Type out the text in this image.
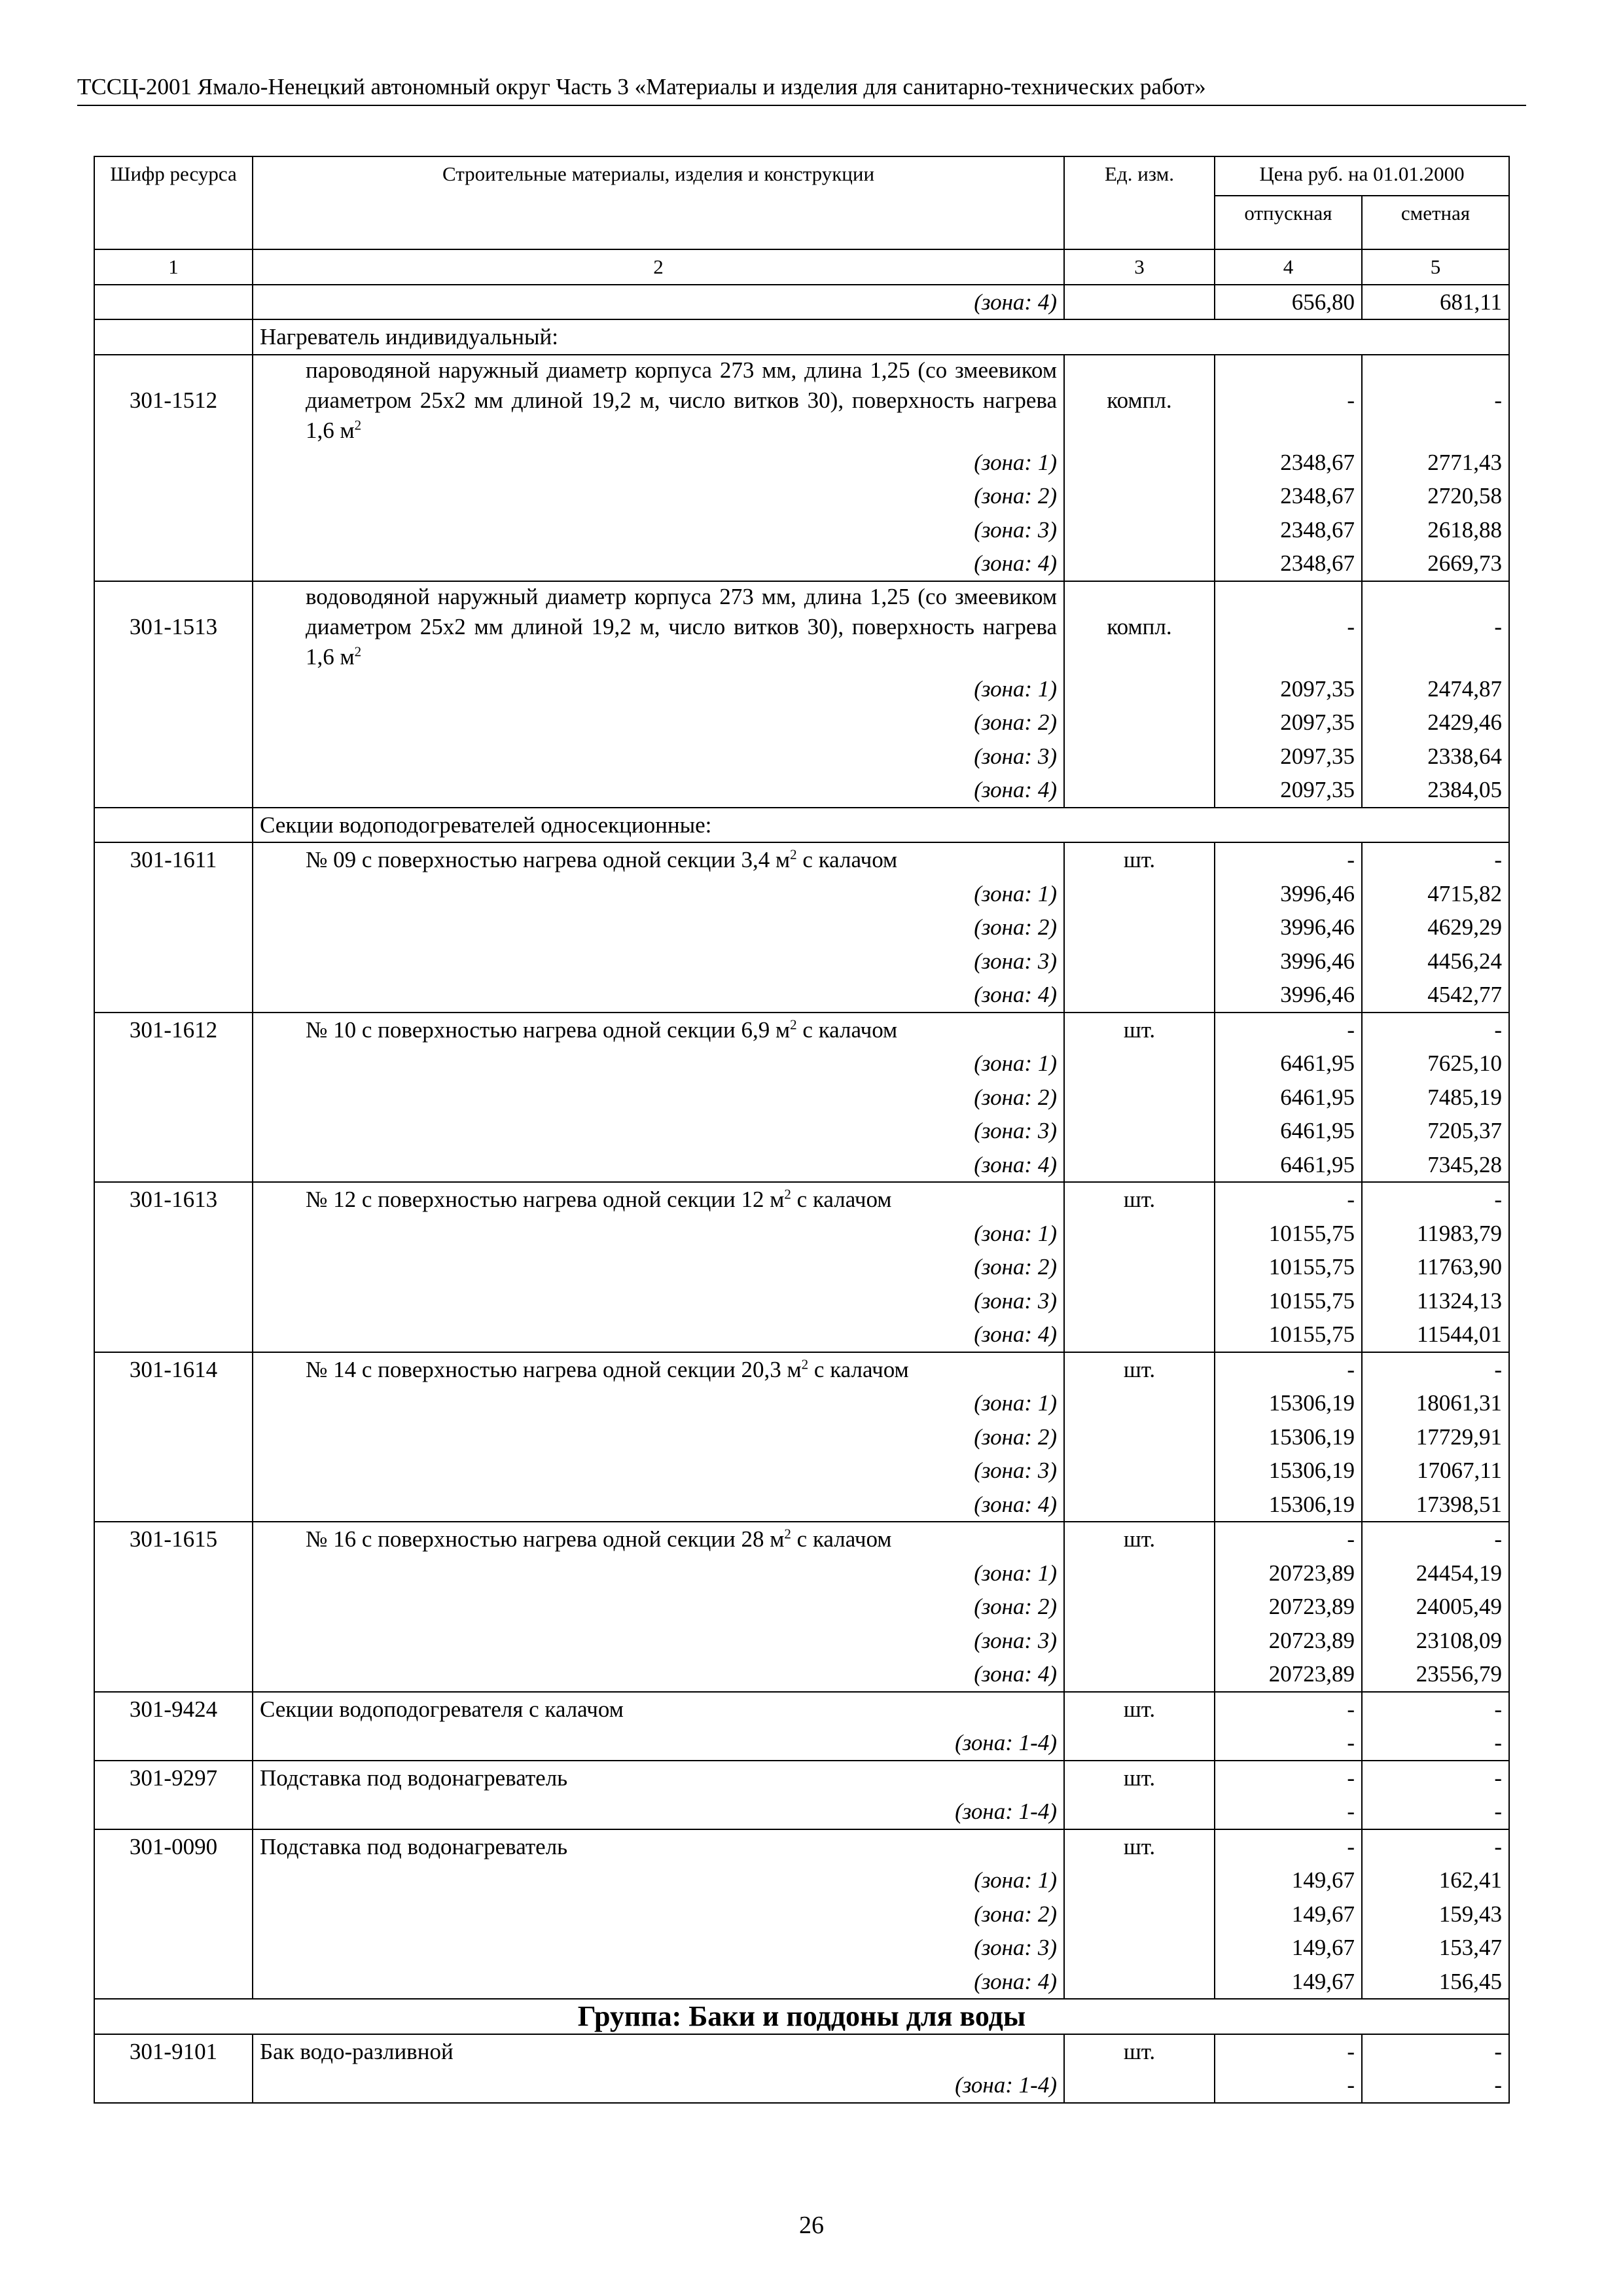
ТССЦ-2001 Ямало-Ненецкий автономный округ Часть 3 «Материалы и изделия для санитарно-технических работ»
Шифр ресурса	Строительные материалы, изделия и конструкции	Ед. изм.	Цена руб. на 01.01.2000	
			отпускная	сметная
1	2	3	4	5
	(зона: 4)		656,80	681,11
	Нагреватель индивидуальный:			
301-1512	пароводяной наружный диаметр корпуса 273 мм, длина 1,25 (со змеевиком диаметром 25х2 мм длиной 19,2 м, число витков 30), поверхность нагрева 1,6 $м^2$	компл.	-	-
	(зона: 1)		2348,67	2771,43
	(зона: 2)		2348,67	2720,58
	(зона: 3)		2348,67	2618,88
	(зона: 4)		2348,67	2669,73
301-1513	водоводяной наружный диаметр корпуса 273 мм, длина 1,25 (со змеевиком диаметром 25х2 мм длиной 19,2 м, число витков 30), поверхность нагрева 1,6 $м^2$	компл.	-	-
	(зона: 1)		2097,35	2474,87
	(зона: 2)		2097,35	2429,46
	(зона: 3)		2097,35	2338,64
	(зона: 4)		2097,35	2384,05
	Секции водоподогревателей односекционные:			
301-1611	№ 09 с поверхностью нагрева одной секции 3,4 $м^2$ с калачом	шт.	-	-
	(зона: 1)		3996,46	4715,82
	(зона: 2)		3996,46	4629,29
	(зона: 3)		3996,46	4456,24
	(зона: 4)		3996,46	4542,77
301-1612	№ 10 с поверхностью нагрева одной секции 6,9 $м^2$ с калачом	шт.	-	-
	(зона: 1)		6461,95	7625,10
	(зона: 2)		6461,95	7485,19
	(зона: 3)		6461,95	7205,37
	(зона: 4)		6461,95	7345,28
301-1613	№ 12 с поверхностью нагрева одной секции 12 $м^2$ с калачом	шт.	-	-
	(зона: 1)		10155,75	11983,79
	(зона: 2)		10155,75	11763,90
	(зона: 3)		10155,75	11324,13
	(зона: 4)		10155,75	11544,01
301-1614	№ 14 с поверхностью нагрева одной секции 20,3 $м^2$ с калачом	шт.	-	-
	(зона: 1)		15306,19	18061,31
	(зона: 2)		15306,19	17729,91
	(зона: 3)		15306,19	17067,11
	(зона: 4)		15306,19	17398,51
301-1615	№ 16 с поверхностью нагрева одной секции 28 $м^2$ с калачом	шт.	-	-
	(зона: 1)		20723,89	24454,19
	(зона: 2)		20723,89	24005,49
	(зона: 3)		20723,89	23108,09
	(зона: 4)		20723,89	23556,79
301-9424	Секции водоподогревателя с калачом	шт.	-	-
	(зона: 1-4)		-	-
301-9297	Подставка под водонагреватель	шт.	-	-
	(зона: 1-4)		-	-
301-0090	Подставка под водонагреватель	шт.	-	-
	(зона: 1)		149,67	162,41
	(зона: 2)		149,67	159,43
	(зона: 3)		149,67	153,47
	(зона: 4)		149,67	156,45
Группа: Баки и поддоны для воды				
301-9101	Бак водо-разливной	шт.	-	-
	(зона: 1-4)		-	-
26
